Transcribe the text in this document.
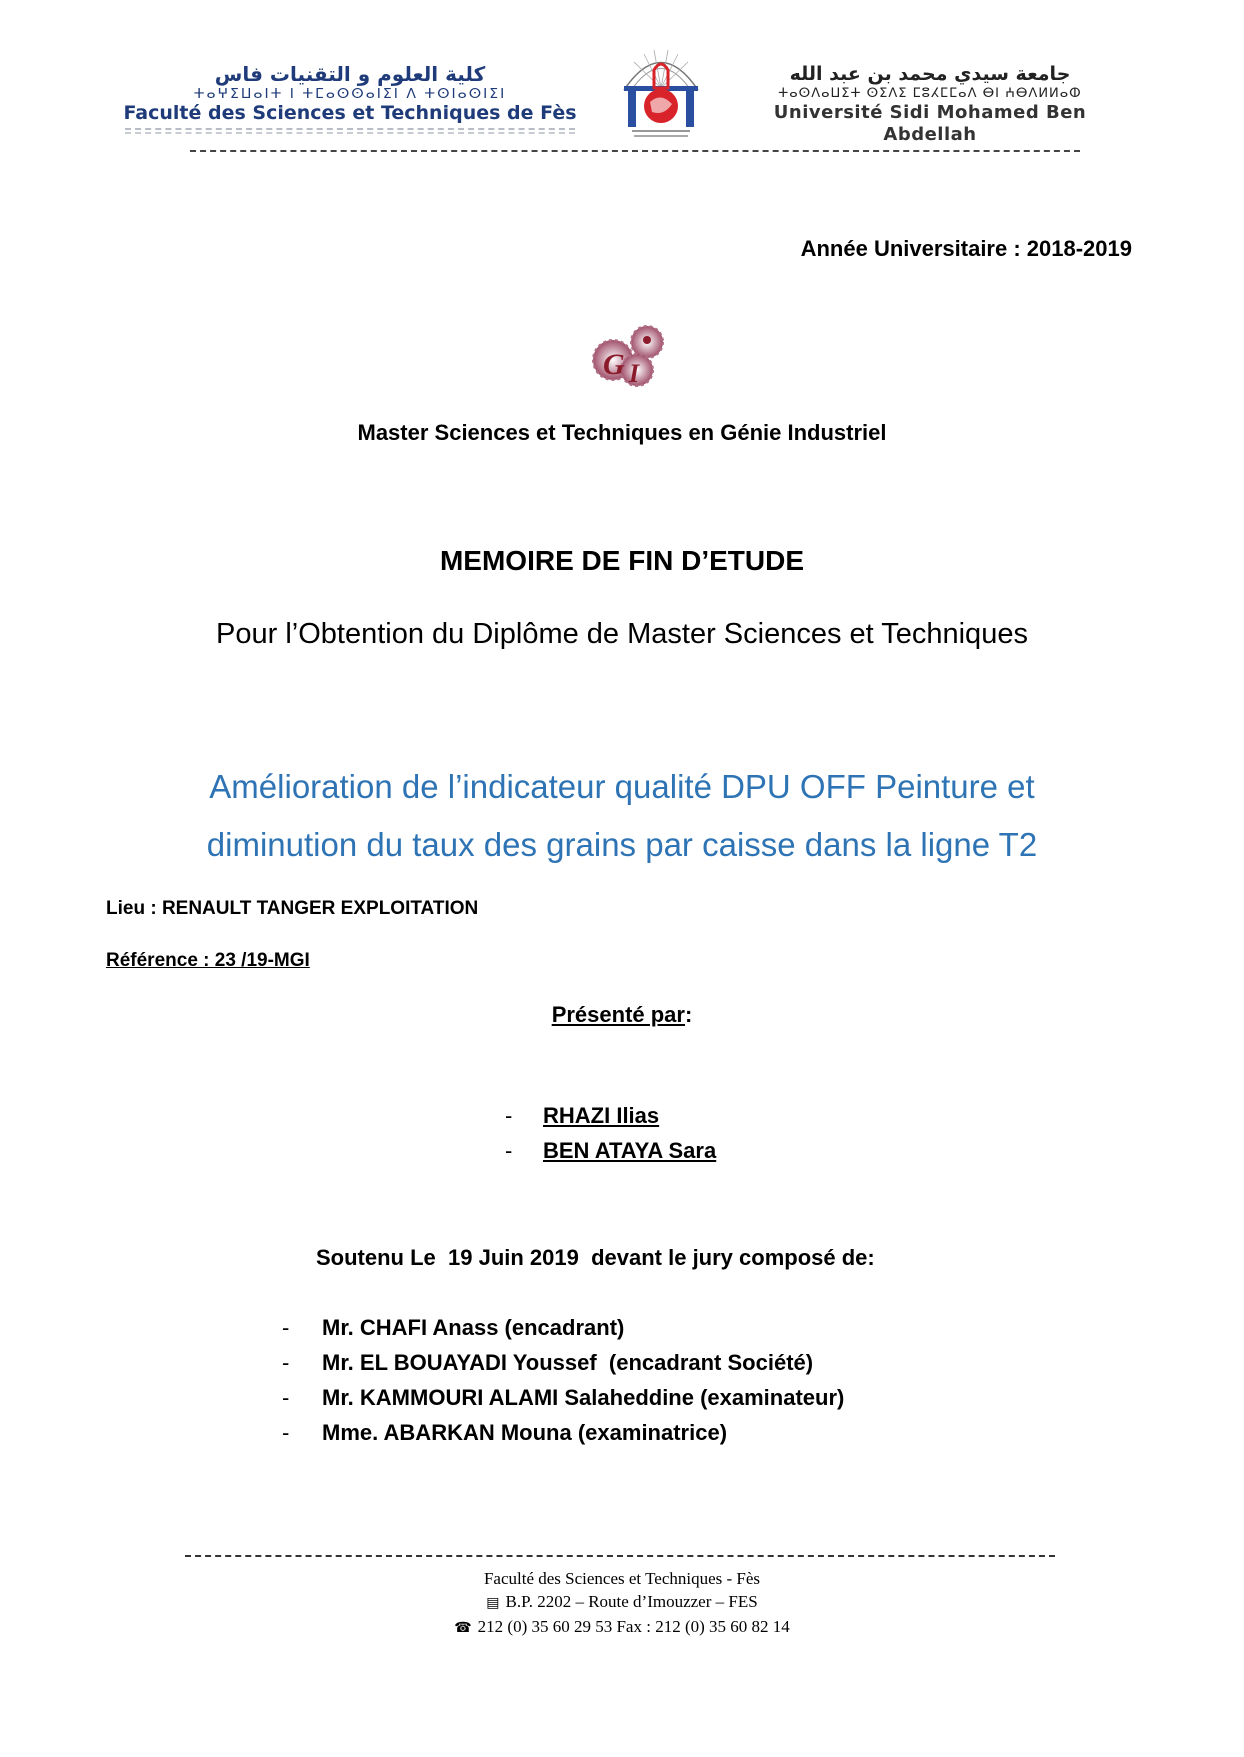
كلية العلوم و التقنيات فاس
ⵜⴰⵖⵉⵡⴰⵏⵜ ⵏ ⵜⵎⴰⵙⵙⴰⵏⵉⵏ ⴷ ⵜⵙⵏⴰⵙⵏⵉⵏ
Faculté des Sciences et Techniques de Fès
جامعة سيدي محمد بن عبد الله
ⵜⴰⵙⴷⴰⵡⵉⵜ ⵙⵉⴷⵉ ⵎⵓⵃⵎⵎⴰⴷ ⴱⵏ ⵄⴱⴷⵍⵍⴰⵀ
Université Sidi Mohamed Ben Abdellah
Année Universitaire : 2018-2019
G I
Master Sciences et Techniques en Génie Industriel
MEMOIRE DE FIN D’ETUDE
Pour l’Obtention du Diplôme de Master Sciences et Techniques
Amélioration de l’indicateur qualité DPU OFF Peinture et
diminution du taux des grains par caisse dans la ligne T2
Lieu : RENAULT TANGER EXPLOITATION
Référence : 23 /19-MGI
Présenté par:
-	RHAZI Ilias
-	BEN ATAYA Sara
Soutenu Le  19 Juin 2019  devant le jury composé de:
-	Mr. CHAFI Anass (encadrant)
-	Mr. EL BOUAYADI Youssef  (encadrant Société)
-	Mr. KAMMOURI ALAMI Salaheddine (examinateur)
-	Mme. ABARKAN Mouna (examinatrice)
Faculté des Sciences et Techniques - Fès
▤ B.P. 2202 – Route d’Imouzzer – FES
☎ 212 (0) 35 60 29 53 Fax : 212 (0) 35 60 82 14
